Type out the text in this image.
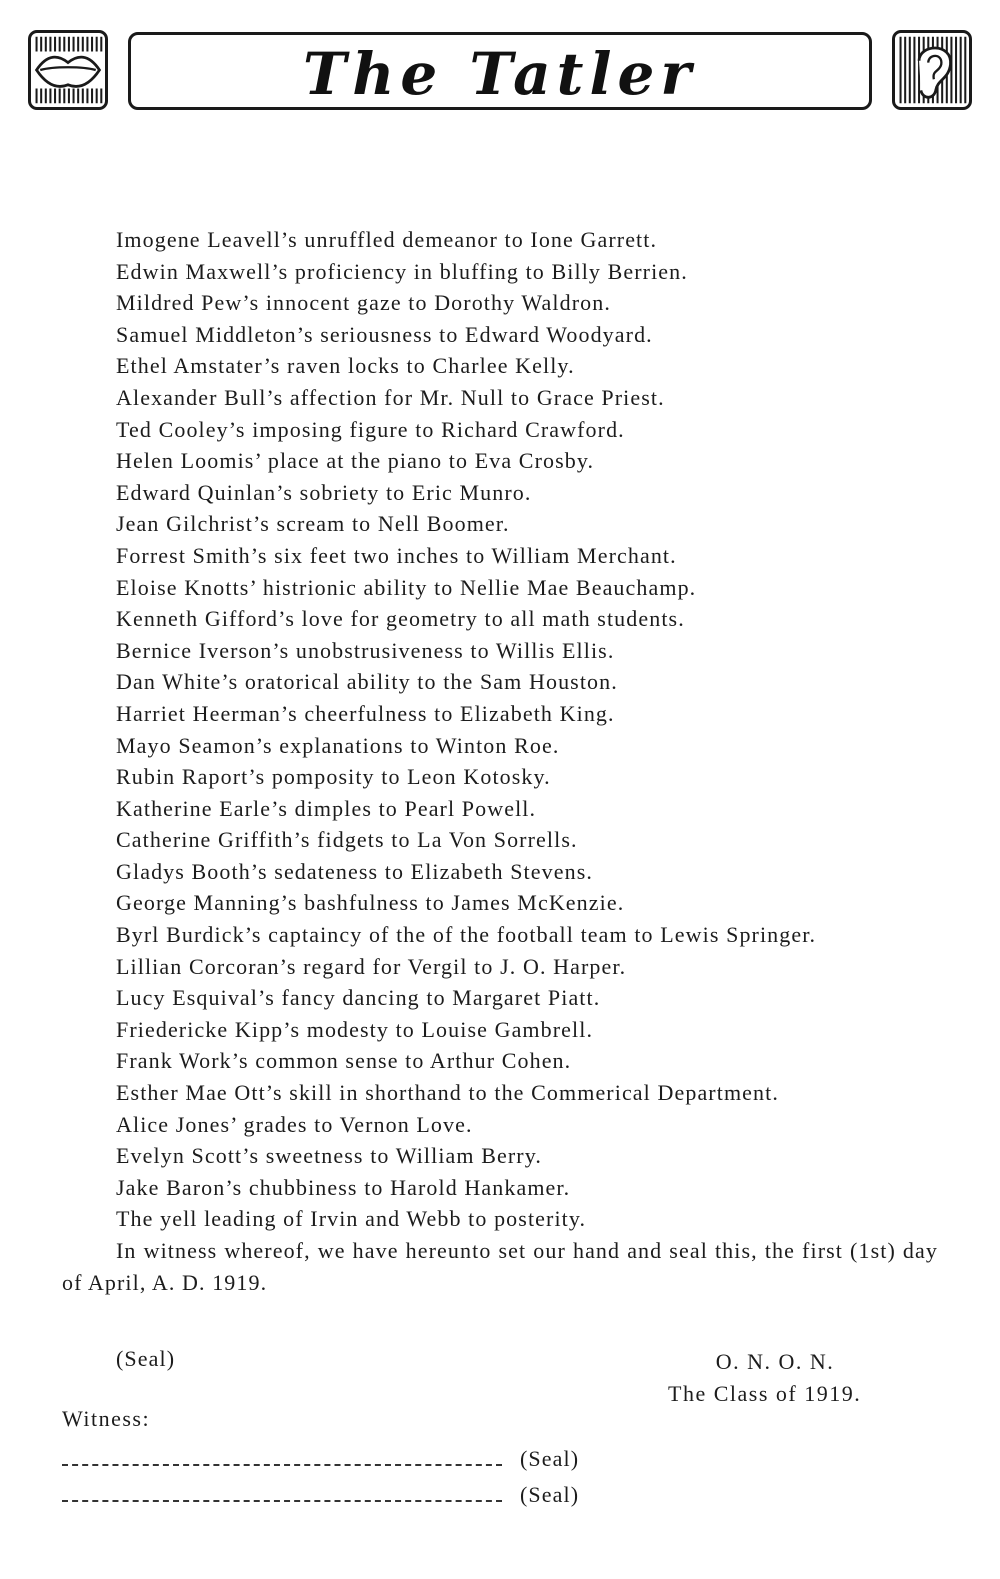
The Tatler
Imogene Leavell’s unruffled demeanor to Ione Garrett.
Edwin Maxwell’s proficiency in bluffing to Billy Berrien.
Mildred Pew’s innocent gaze to Dorothy Waldron.
Samuel Middleton’s seriousness to Edward Woodyard.
Ethel Amstater’s raven locks to Charlee Kelly.
Alexander Bull’s affection for Mr. Null to Grace Priest.
Ted Cooley’s imposing figure to Richard Crawford.
Helen Loomis’ place at the piano to Eva Crosby.
Edward Quinlan’s sobriety to Eric Munro.
Jean Gilchrist’s scream to Nell Boomer.
Forrest Smith’s six feet two inches to William Merchant.
Eloise Knotts’ histrionic ability to Nellie Mae Beauchamp.
Kenneth Gifford’s love for geometry to all math students.
Bernice Iverson’s unobstrusiveness to Willis Ellis.
Dan White’s oratorical ability to the Sam Houston.
Harriet Heerman’s cheerfulness to Elizabeth King.
Mayo Seamon’s explanations to Winton Roe.
Rubin Raport’s pomposity to Leon Kotosky.
Katherine Earle’s dimples to Pearl Powell.
Catherine Griffith’s fidgets to La Von Sorrells.
Gladys Booth’s sedateness to Elizabeth Stevens.
George Manning’s bashfulness to James McKenzie.
Byrl Burdick’s captaincy of the of the football team to Lewis Springer.
Lillian Corcoran’s regard for Vergil to J. O. Harper.
Lucy Esquival’s fancy dancing to Margaret Piatt.
Friedericke Kipp’s modesty to Louise Gambrell.
Frank Work’s common sense to Arthur Cohen.
Esther Mae Ott’s skill in shorthand to the Commerical Department.
Alice Jones’ grades to Vernon Love.
Evelyn Scott’s sweetness to William Berry.
Jake Baron’s chubbiness to Harold Hankamer.
The yell leading of Irvin and Webb to posterity.
In witness whereof, we have hereunto set our hand and seal this, the first (1st) day of April, A. D. 1919.
(Seal)	O. N. O. N.
The Class of 1919.
Witness:
(Seal)
(Seal)
